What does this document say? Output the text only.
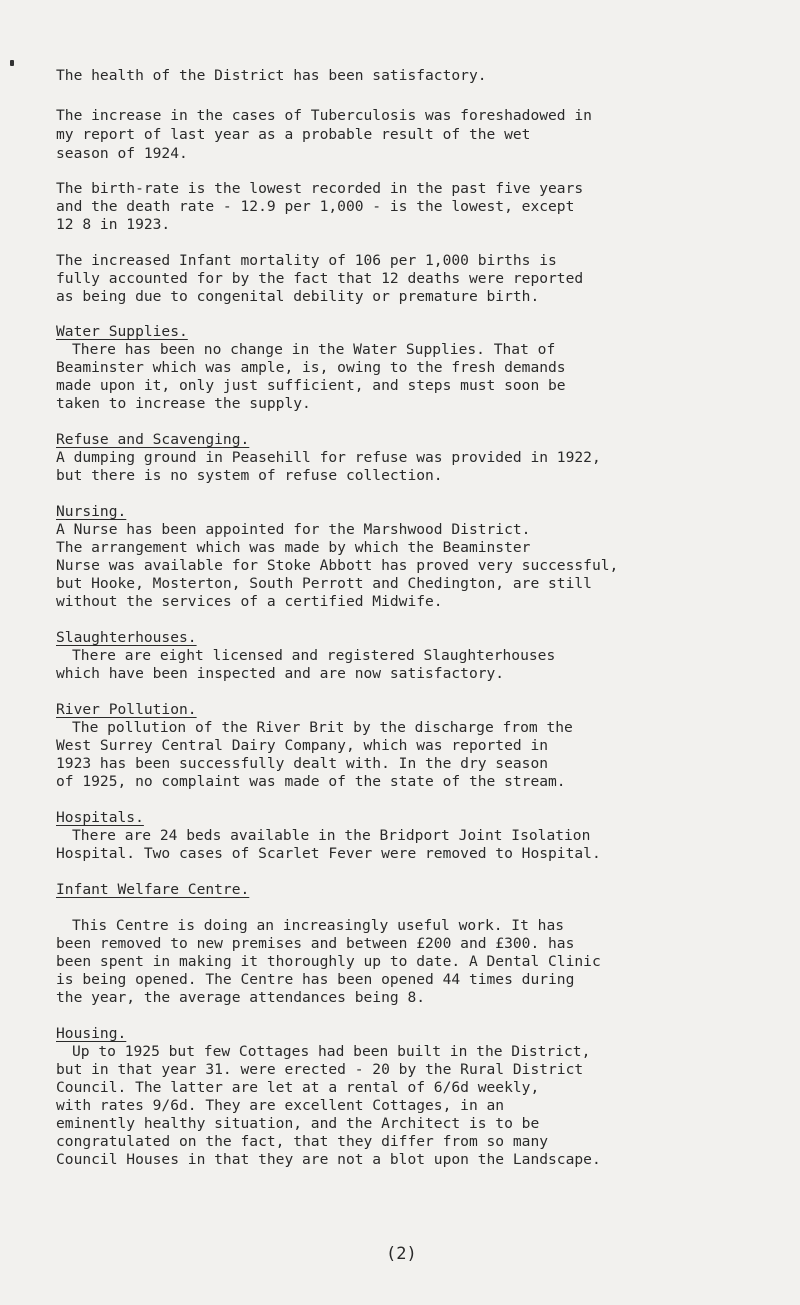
The health of the District has been satisfactory.
The increase in the cases of Tuberculosis was foreshadowed in
my report of last year as a probable result of the wet
season of 1924.
The birth-rate is the lowest recorded in the past five years
and the death rate - 12.9 per 1,000 - is the lowest, except
12 8 in 1923.
The increased Infant mortality of 106 per 1,000 births is
fully accounted for by the fact that 12 deaths were reported
as being due to congenital debility or premature birth.
Water Supplies.
There has been no change in the Water Supplies. That of
Beaminster which was ample, is, owing to the fresh demands
made upon it, only just sufficient, and steps must soon be
taken to increase the supply.
Refuse and Scavenging.
A dumping ground in Peasehill for refuse was provided in 1922,
but there is no system of refuse collection.
Nursing.
A Nurse has been appointed for the Marshwood District.
The arrangement which was made by which the Beaminster
Nurse was available for Stoke Abbott has proved very successful,
but Hooke, Mosterton, South Perrott and Chedington, are still
without the services of a certified Midwife.
Slaughterhouses.
There are eight licensed and registered Slaughterhouses
which have been inspected and are now satisfactory.
River Pollution.
The pollution of the River Brit by the discharge from the
West Surrey Central Dairy Company, which was reported in
1923 has been successfully dealt with. In the dry season
of 1925, no complaint was made of the state of the stream.
Hospitals.
There are 24 beds available in the Bridport Joint Isolation
Hospital. Two cases of Scarlet Fever were removed to Hospital.
Infant Welfare Centre.
This Centre is doing an increasingly useful work. It has
been removed to new premises and between £200 and £300. has
been spent in making it thoroughly up to date. A Dental Clinic
is being opened. The Centre has been opened 44 times during
the year, the average attendances being 8.
Housing.
Up to 1925 but few Cottages had been built in the District,
but in that year 31. were erected - 20 by the Rural District
Council. The latter are let at a rental of 6/6d weekly,
with rates 9/6d. They are excellent Cottages, in an
eminently healthy situation, and the Architect is to be
congratulated on the fact, that they differ from so many
Council Houses in that they are not a blot upon the Landscape.
(2)
